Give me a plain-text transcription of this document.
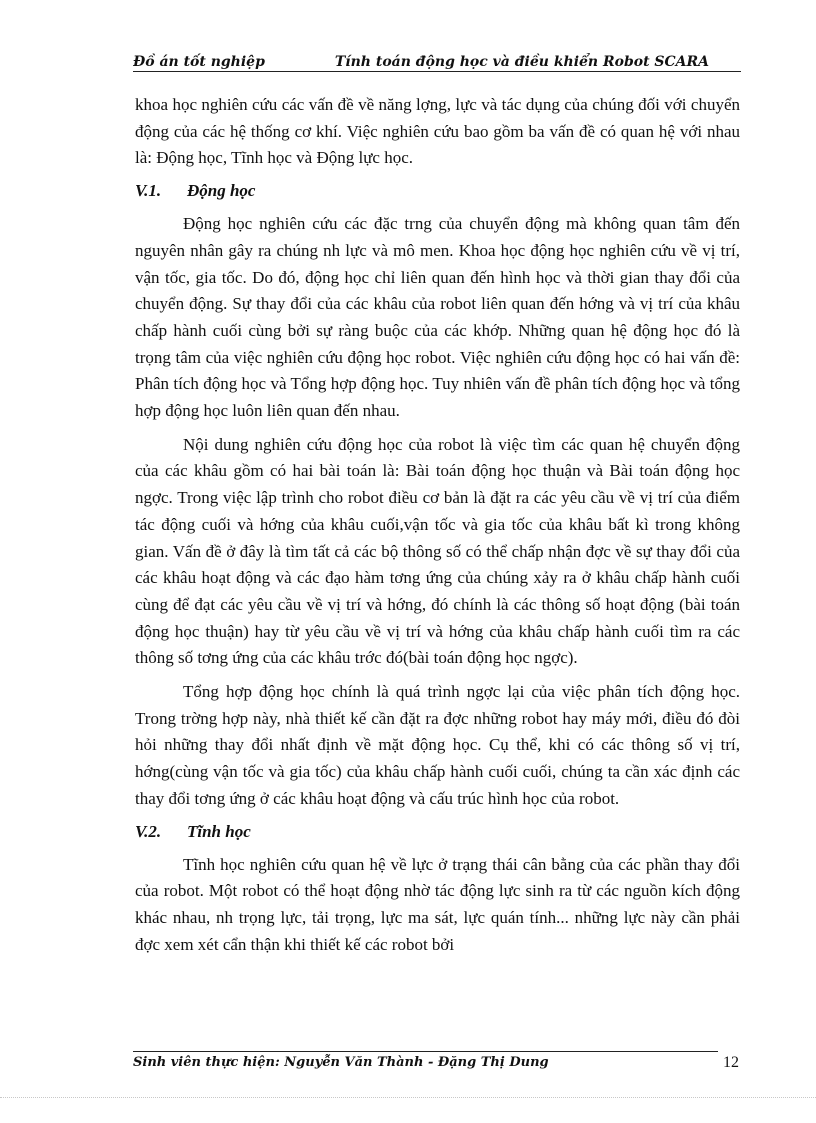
Đồ án tốt nghiệp	Tính toán động học và điều khiển Robot SCARA

khoa học nghiên cứu các vấn đề về năng lợng, lực và tác dụng của chúng đối với chuyển động của các hệ thống cơ khí. Việc nghiên cứu bao gồm ba vấn đề có quan hệ với nhau là: Động học, Tĩnh học và Động lực học.

V.1.	Động học

Động học nghiên cứu các đặc trng của chuyển động mà không quan tâm đến nguyên nhân gây ra chúng nh lực và mô men. Khoa học động học nghiên cứu về vị trí, vận tốc, gia tốc. Do đó, động học chỉ liên quan đến hình học và thời gian thay đổi của chuyển động. Sự thay đổi của các khâu của robot liên quan đến hớng và vị trí của khâu chấp hành cuối cùng bởi sự ràng buộc của các khớp. Những quan hệ động học đó là trọng tâm của việc nghiên cứu động học robot. Việc nghiên cứu động học có hai vấn đề: Phân tích động học và Tổng hợp động học. Tuy nhiên vấn đề phân tích động học và tổng hợp động học luôn liên quan đến nhau.

Nội dung nghiên cứu động học của robot là việc tìm các quan hệ chuyển động của các khâu gồm có hai bài toán là: Bài toán động học thuận và Bài toán động học ngợc. Trong việc lập trình cho robot điều cơ bản là đặt ra các yêu cầu về vị trí của điểm tác động cuối và hớng của khâu cuối,vận tốc và gia tốc của khâu bất kì trong không gian. Vấn đề ở đây là tìm tất cả các bộ thông số có thể chấp nhận đợc về sự thay đổi của các khâu hoạt động và các đạo hàm tơng ứng của chúng xảy ra ở khâu chấp hành cuối cùng để đạt các yêu cầu về vị trí và hớng, đó chính là các thông số hoạt động (bài toán động học thuận) hay từ yêu cầu về vị trí và hớng của khâu chấp hành cuối tìm ra các thông số tơng ứng của các khâu trớc đó(bài toán động học ngợc).

Tổng hợp động học chính là quá trình ngợc lại của việc phân tích động học. Trong trờng hợp này, nhà thiết kế cần đặt ra đợc những robot hay máy mới, điều đó đòi hỏi những thay đổi nhất định về mặt động học. Cụ thể, khi có các thông số vị trí, hớng(cùng vận tốc và gia tốc) của khâu chấp hành cuối cuối, chúng ta cần xác định các thay đổi tơng ứng ở các khâu hoạt động và cấu trúc hình học của robot.

V.2.	Tĩnh học

Tĩnh học nghiên cứu quan hệ về lực ở trạng thái cân bằng của các phần thay đổi của robot. Một robot có thể hoạt động nhờ tác động lực sinh ra từ các nguồn kích động khác nhau, nh trọng lực, tải trọng, lực ma sát, lực quán tính... những lực này cần phải đợc xem xét cẩn thận khi thiết kế các robot bởi

Sinh viên thực hiện: Nguyễn Văn Thành - Đặng Thị Dung	12
